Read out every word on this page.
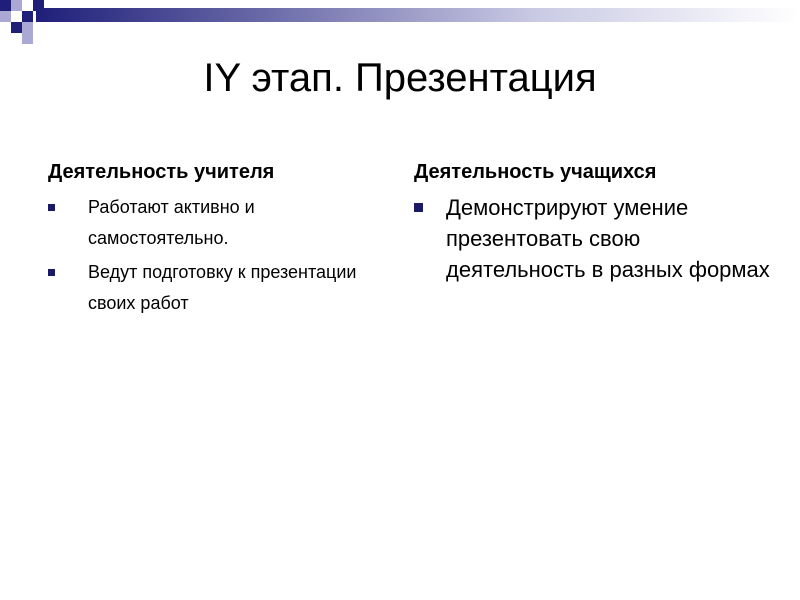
IY этап. Презентация

Деятельность учителя

Работают активно и самостоятельно.
Ведут подготовку к презентации своих работ

Деятельность учащихся

Демонстрируют умение презентовать свою деятельность в разных формах
